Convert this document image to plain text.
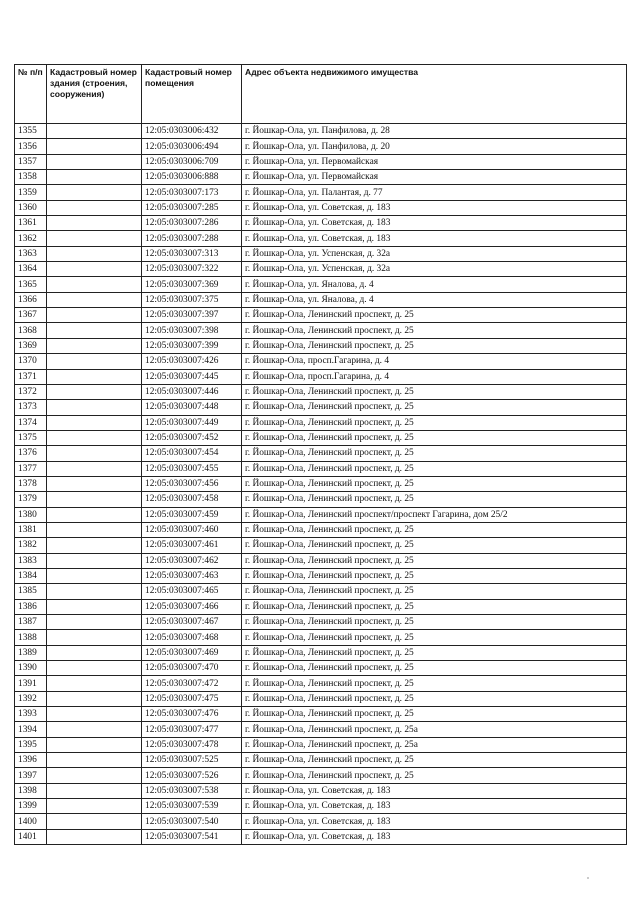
№ п/п	Кадастровый номер здания (строения, сооружения)	Кадастровый номер помещения	Адрес объекта недвижимого имущества
1355		12:05:0303006:432	г. Йошкар-Ола, ул. Панфилова, д. 28
1356		12:05:0303006:494	г. Йошкар-Ола, ул. Панфилова, д. 20
1357		12:05:0303006:709	г. Йошкар-Ола, ул. Первомайская
1358		12:05:0303006:888	г. Йошкар-Ола, ул. Первомайская
1359		12:05:0303007:173	г. Йошкар-Ола, ул. Палантая, д. 77
1360		12:05:0303007:285	г. Йошкар-Ола, ул. Советская, д. 183
1361		12:05:0303007:286	г. Йошкар-Ола, ул. Советская, д. 183
1362		12:05:0303007:288	г. Йошкар-Ола, ул. Советская, д. 183
1363		12:05:0303007:313	г. Йошкар-Ола, ул. Успенская, д. 32а
1364		12:05:0303007:322	г. Йошкар-Ола, ул. Успенская, д. 32а
1365		12:05:0303007:369	г. Йошкар-Ола, ул. Яналова, д. 4
1366		12:05:0303007:375	г. Йошкар-Ола, ул. Яналова, д. 4
1367		12:05:0303007:397	г. Йошкар-Ола, Ленинский проспект, д. 25
1368		12:05:0303007:398	г. Йошкар-Ола, Ленинский проспект, д. 25
1369		12:05:0303007:399	г. Йошкар-Ола, Ленинский проспект, д. 25
1370		12:05:0303007:426	г. Йошкар-Ола, просп.Гагарина, д. 4
1371		12:05:0303007:445	г. Йошкар-Ола, просп.Гагарина, д. 4
1372		12:05:0303007:446	г. Йошкар-Ола, Ленинский проспект, д. 25
1373		12:05:0303007:448	г. Йошкар-Ола, Ленинский проспект, д. 25
1374		12:05:0303007:449	г. Йошкар-Ола, Ленинский проспект, д. 25
1375		12:05:0303007:452	г. Йошкар-Ола, Ленинский проспект, д. 25
1376		12:05:0303007:454	г. Йошкар-Ола, Ленинский проспект, д. 25
1377		12:05:0303007:455	г. Йошкар-Ола, Ленинский проспект, д. 25
1378		12:05:0303007:456	г. Йошкар-Ола, Ленинский проспект, д. 25
1379		12:05:0303007:458	г. Йошкар-Ола, Ленинский проспект, д. 25
1380		12:05:0303007:459	г. Йошкар-Ола, Ленинский проспект/проспект Гагарина, дом 25/2
1381		12:05:0303007:460	г. Йошкар-Ола, Ленинский проспект, д. 25
1382		12:05:0303007:461	г. Йошкар-Ола, Ленинский проспект, д. 25
1383		12:05:0303007:462	г. Йошкар-Ола, Ленинский проспект, д. 25
1384		12:05:0303007:463	г. Йошкар-Ола, Ленинский проспект, д. 25
1385		12:05:0303007:465	г. Йошкар-Ола, Ленинский проспект, д. 25
1386		12:05:0303007:466	г. Йошкар-Ола, Ленинский проспект, д. 25
1387		12:05:0303007:467	г. Йошкар-Ола, Ленинский проспект, д. 25
1388		12:05:0303007:468	г. Йошкар-Ола, Ленинский проспект, д. 25
1389		12:05:0303007:469	г. Йошкар-Ола, Ленинский проспект, д. 25
1390		12:05:0303007:470	г. Йошкар-Ола, Ленинский проспект, д. 25
1391		12:05:0303007:472	г. Йошкар-Ола, Ленинский проспект, д. 25
1392		12:05:0303007:475	г. Йошкар-Ола, Ленинский проспект, д. 25
1393		12:05:0303007:476	г. Йошкар-Ола, Ленинский проспект, д. 25
1394		12:05:0303007:477	г. Йошкар-Ола, Ленинский проспект, д. 25а
1395		12:05:0303007:478	г. Йошкар-Ола, Ленинский проспект, д. 25а
1396		12:05:0303007:525	г. Йошкар-Ола, Ленинский проспект, д. 25
1397		12:05:0303007:526	г. Йошкар-Ола, Ленинский проспект, д. 25
1398		12:05:0303007:538	г. Йошкар-Ола, ул. Советская, д. 183
1399		12:05:0303007:539	г. Йошкар-Ола, ул. Советская, д. 183
1400		12:05:0303007:540	г. Йошкар-Ола, ул. Советская, д. 183
1401		12:05:0303007:541	г. Йошкар-Ола, ул. Советская, д. 183
